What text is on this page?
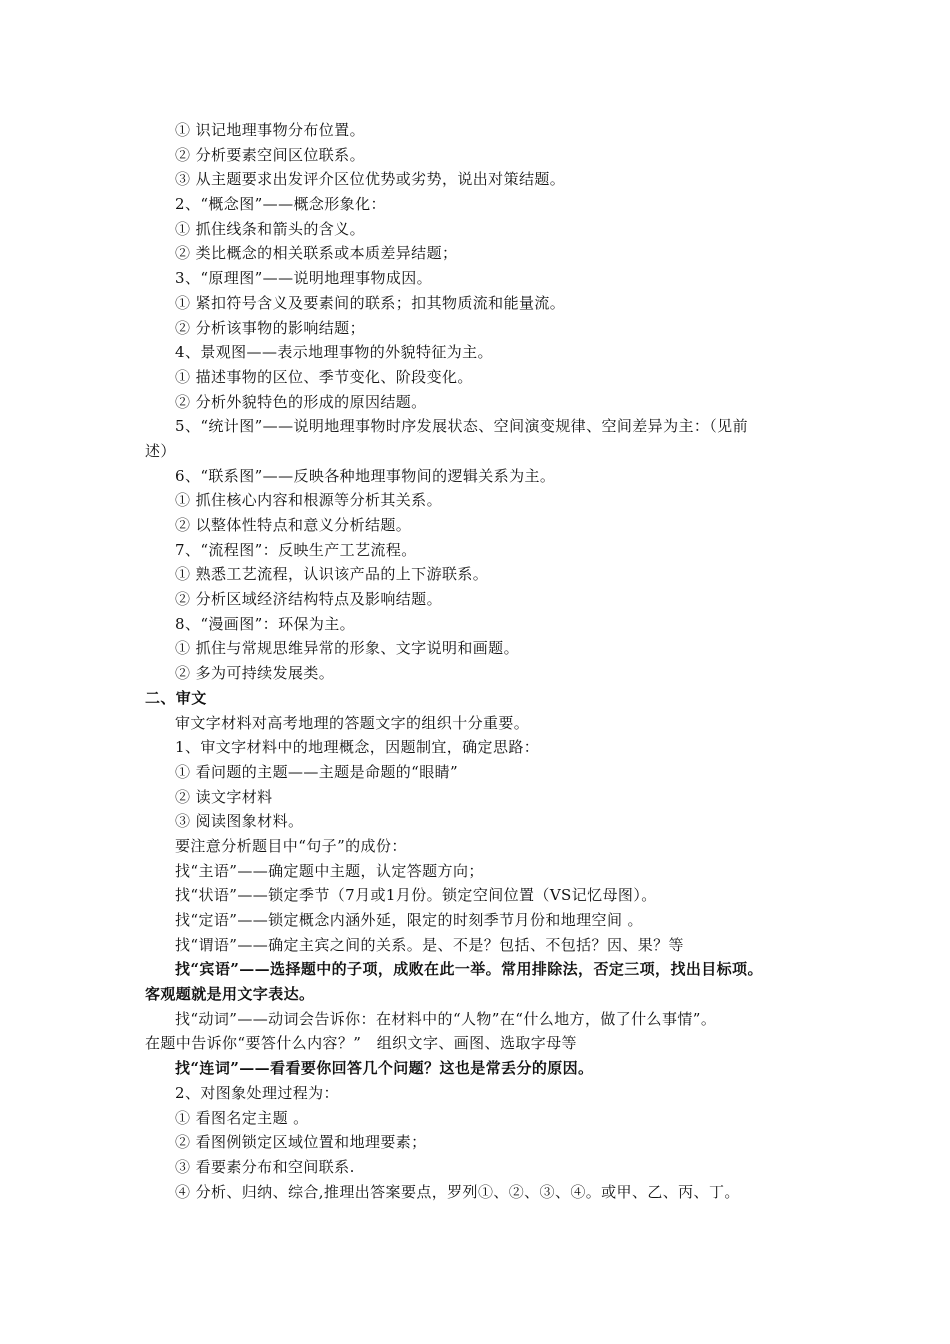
① 识记地理事物分布位置。
② 分析要素空间区位联系。
③ 从主题要求出发评介区位优势或劣势，说出对策结题。
2、“概念图”——概念形象化：
① 抓住线条和箭头的含义。
② 类比概念的相关联系或本质差异结题；
3、“原理图”——说明地理事物成因。
① 紧扣符号含义及要素间的联系；扣其物质流和能量流。
② 分析该事物的影响结题；
4、景观图——表示地理事物的外貌特征为主。
① 描述事物的区位、季节变化、阶段变化。
② 分析外貌特色的形成的原因结题。
5、“统计图”——说明地理事物时序发展状态、空间演变规律、空间差异为主：（见前
述）
6、“联系图”——反映各种地理事物间的逻辑关系为主。
① 抓住核心内容和根源等分析其关系。
② 以整体性特点和意义分析结题。
7、“流程图”：反映生产工艺流程。
① 熟悉工艺流程，认识该产品的上下游联系。
② 分析区域经济结构特点及影响结题。
8、“漫画图”：环保为主。
① 抓住与常规思维异常的形象、文字说明和画题。
② 多为可持续发展类。
二、审文
审文字材料对高考地理的答题文字的组织十分重要。
1、审文字材料中的地理概念，因题制宜，确定思路：
① 看问题的主题——主题是命题的“眼睛”
② 读文字材料
③ 阅读图象材料。
要注意分析题目中“句子”的成份：
找“主语”——确定题中主题，认定答题方向；
找“状语”——锁定季节（7月或1月份。锁定空间位置（VS记忆母图）。
找“定语”——锁定概念内涵外延，限定的时刻季节月份和地理空间 。
找“谓语”——确定主宾之间的关系。是、不是？包括、不包括？因、果？等
找“宾语”——选择题中的子项，成败在此一举。常用排除法，否定三项，找出目标项。
客观题就是用文字表达。
找“动词”——动词会告诉你：在材料中的“人物”在“什么地方，做了什么事情”。
在题中告诉你“要答什么内容？”　组织文字、画图、选取字母等
找“连词”——看看要你回答几个问题？这也是常丢分的原因。
2、对图象处理过程为：
① 看图名定主题 。
② 看图例锁定区域位置和地理要素；
③ 看要素分布和空间联系.
④ 分析、归纳、综合,推理出答案要点，罗列①、②、③、④。或甲、乙、丙、丁。
